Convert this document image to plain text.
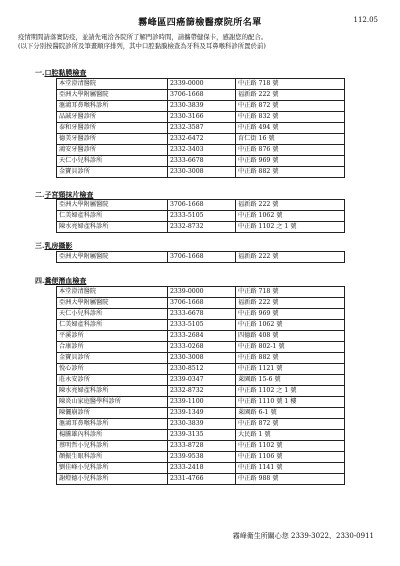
霧峰區四癌篩檢醫療院所名單	112.05
疫情期間請落實防疫，並請先電洽各院所了解門診時間，請攜帶健保卡，感謝您的配合。
(以下分別按醫院診所及筆畫順序排列，其中口腔黏膜檢查為牙科及耳鼻喉科診所置於前)
一.口腔黏膜檢查
本堂澄清醫院	2339-0000	中正路 718 號
亞洲大學附屬醫院	3706-1668	福新路 222 號
滙鴻耳鼻喉科診所	2330-3839	中正路 872 號
品誠牙醫診所	2330-3166	中正路 832 號
泰和牙醫診所	2332-3587	中正路 494 號
德美牙醫診所	2332-6472	育仁街 16 號
鴻安牙醫診所	2332-3403	中正路 876 號
天仁小兒科診所	2333-6678	中正路 969 號
金寶貝診所	2330-3008	中正路 882 號
二.子宮頸抹片檢查
亞洲大學附屬醫院	3706-1668	福新路 222 號
仁美婦產科診所	2333-5105	中正路 1062 號
陳水亮婦產科診所	2332-8732	中正路 1102 之 1 號
三.乳房攝影
亞洲大學附屬醫院	3706-1668	福新路 222 號
四.糞便潛血檢查
本堂澄清醫院	2339-0000	中正路 718 號
亞洲大學附屬醫院	3706-1668	福新路 222 號
天仁小兒科診所	2333-6678	中正路 969 號
仁美婦產科診所	2333-5105	中正路 1062 號
平溪診所	2333-2684	四德路 408 號
合康診所	2333-0268	中正路 802-1 號
金寶貝診所	2330-3008	中正路 882 號
悅心診所	2330-8512	中正路 1121 號
莊永安診所	2339-0347	萊園路 15-6 號
陳水亮婦產科診所	2332-8732	中正路 1102 之 1 號
陳炎山家庭醫學科診所	2339-1100	中正路 1110 號 1 樓
陳儷崩診所	2339-1349	萊園路 6-1 號
滙鴻耳鼻喉科診所	2330-3839	中正路 872 號
楊騰雄內科診所	2339-3135	大民路 1 號
蔡明哲小兒科診所	2333-8728	中正路 1102 號
顏振生眼科診所	2339-9538	中正路 1106 號
劉佳峰小兒科診所	2333-2418	中正路 1141 號
謝燈德小兒科診所	2331-4766	中正路 988 號
霧峰衛生所關心您 2339-3022、2330-0911
